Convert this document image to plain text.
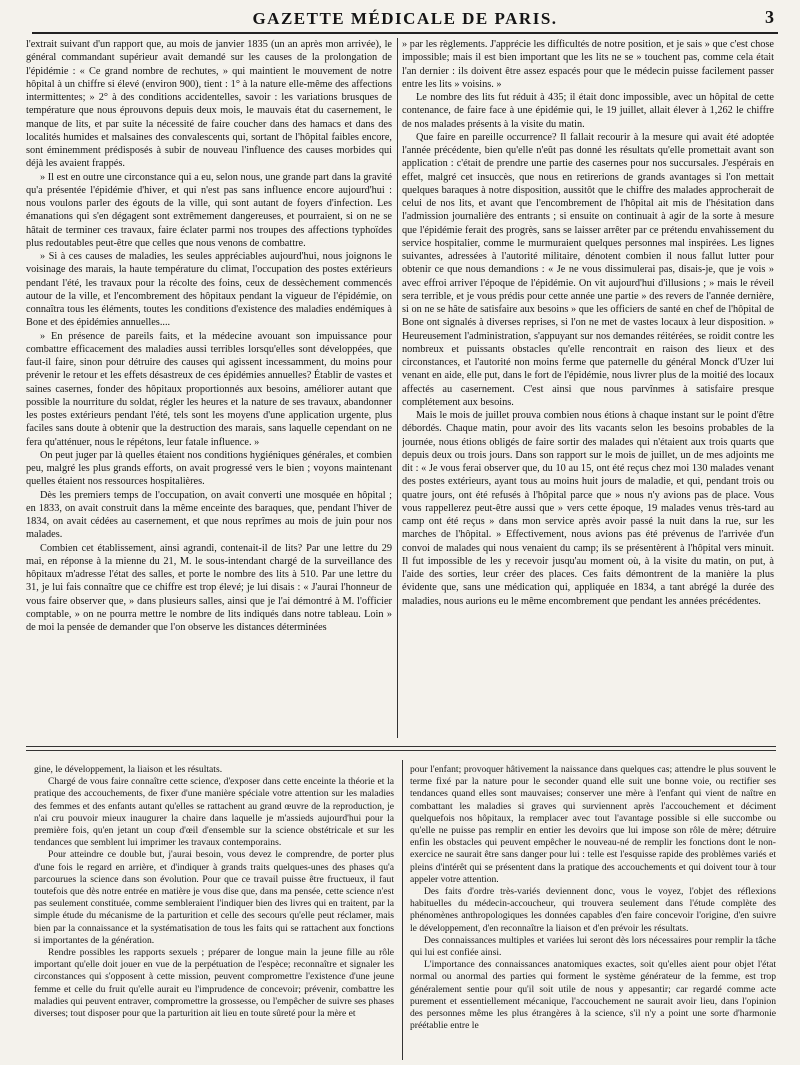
GAZETTE MÉDICALE DE PARIS.	3

l'extrait suivant d'un rapport que, au mois de janvier 1835 (un an après mon arrivée), le général commandant supérieur avait demandé sur les causes de la prolongation de l'épidémie : « Ce grand nombre de rechutes, » qui maintient le mouvement de notre hôpital à un chiffre si élevé (environ 900), tient : 1° à la nature elle-même des affections intermittentes; » 2° à des conditions accidentelles, savoir : les variations brusques de température que nous éprouvons depuis deux mois, le mauvais état du casernement, le manque de lits, et par suite la nécessité de faire coucher dans des hamacs et dans des localités humides et malsaines des convalescents qui, sortant de l'hôpital faibles encore, sont éminemment prédisposés à subir de nouveau l'influence des causes morbides qui déjà les avaient frappés.

» Il est en outre une circonstance qui a eu, selon nous, une grande part dans la gravité qu'a présentée l'épidémie d'hiver, et qui n'est pas sans influence encore aujourd'hui : nous voulons parler des égouts de la ville, qui sont autant de foyers d'infection. Les émanations qui s'en dégagent sont extrêmement dangereuses, et pourraient, si on ne se hâtait de terminer ces travaux, faire éclater parmi nos troupes des affections typhoïdes plus redoutables peut-être que celles que nous venons de combattre.

» Si à ces causes de maladies, les seules appréciables aujourd'hui, nous joignons le voisinage des marais, la haute température du climat, l'occupation des postes extérieurs pendant l'été, les travaux pour la récolte des foins, ceux de dessèchement commencés autour de la ville, et l'encombrement des hôpitaux pendant la vigueur de l'épidémie, on connaîtra tous les éléments, toutes les conditions d'existence des maladies endémiques à Bone et des épidémies annuelles....

» En présence de pareils faits, et la médecine avouant son impuissance pour combattre efficacement des maladies aussi terribles lorsqu'elles sont développées, que faut-il faire, sinon pour détruire des causes qui agissent incessamment, du moins pour prévenir le retour et les effets désastreux de ces épidémies annuelles? Établir de vastes et saines casernes, fonder des hôpitaux proportionnés aux besoins, améliorer autant que possible la nourriture du soldat, régler les heures et la nature de ses travaux, abandonner les postes extérieurs pendant l'été, tels sont les moyens d'une application urgente, plus faciles sans doute à obtenir que la destruction des marais, sans laquelle cependant on ne fera qu'atténuer, nous le répétons, leur fatale influence. »

On peut juger par là quelles étaient nos conditions hygiéniques générales, et combien peu, malgré les plus grands efforts, on avait progressé vers le bien ; voyons maintenant quelles étaient nos ressources hospitalières.

Dès les premiers temps de l'occupation, on avait converti une mosquée en hôpital ; en 1833, on avait construit dans la même enceinte des baraques, que, pendant l'hiver de 1834, on avait cédées au casernement, et que nous reprîmes au mois de juin pour nos malades.

Combien cet établissement, ainsi agrandi, contenait-il de lits? Par une lettre du 29 mai, en réponse à la mienne du 21, M. le sous-intendant chargé de la surveillance des hôpitaux m'adresse l'état des salles, et porte le nombre des lits à 510. Par une lettre du 31, je lui fais connaître que ce chiffre est trop élevé; je lui disais : « J'aurai l'honneur de vous faire observer que, » dans plusieurs salles, ainsi que je l'ai démontré à M. l'officier comptable, » on ne pourra mettre le nombre de lits indiqués dans notre tableau. Loin » de moi la pensée de demander que l'on observe les distances déterminées

» par les règlements. J'apprécie les difficultés de notre position, et je sais » que c'est chose impossible; mais il est bien important que les lits ne se » touchent pas, comme cela était l'an dernier : ils doivent être assez espacés pour que le médecin puisse facilement passer entre les lits » voisins. »

Le nombre des lits fut réduit à 435; il était donc impossible, avec un hôpital de cette contenance, de faire face à une épidémie qui, le 19 juillet, allait élever à 1,262 le chiffre de nos malades présents à la visite du matin.

Que faire en pareille occurrence? Il fallait recourir à la mesure qui avait été adoptée l'année précédente, bien qu'elle n'eût pas donné les résultats qu'elle promettait avant son application : c'était de prendre une partie des casernes pour nos succursales. J'espérais en effet, malgré cet insuccès, que nous en retirerions de grands avantages si l'on mettait quelques baraques à notre disposition, aussitôt que le chiffre des malades approcherait de celui de nos lits, et avant que l'encombrement de l'hôpital ait mis de l'hésitation dans l'admission journalière des entrants ; si ensuite on continuait à agir de la sorte à mesure que l'épidémie ferait des progrès, sans se laisser arrêter par ce prétendu envahissement du service hospitalier, comme le murmuraient quelques personnes mal inspirées. Les lignes suivantes, adressées à l'autorité militaire, dénotent combien il nous fallut lutter pour obtenir ce que nous demandions : « Je ne vous dissimulerai pas, disais-je, que je vois » avec effroi arriver l'époque de l'épidémie. On vit aujourd'hui d'illusions ; » mais le réveil sera terrible, et je vous prédis pour cette année une partie » des revers de l'année dernière, si on ne se hâte de satisfaire aux besoins » que les officiers de santé en chef de l'hôpital de Bone ont signalés à diverses reprises, si l'on ne met de vastes locaux à leur disposition. » Heureusement l'administration, s'appuyant sur nos demandes réitérées, se roidit contre les nombreux et puissants obstacles qu'elle rencontrait en raison des lieux et des circonstances, et l'autorité non moins ferme que paternelle du général Monck d'Uzer lui venant en aide, elle put, dans le fort de l'épidémie, nous livrer plus de la moitié des locaux affectés au casernement. C'est ainsi que nous parvînmes à satisfaire presque complétement aux besoins.

Mais le mois de juillet prouva combien nous étions à chaque instant sur le point d'être débordés. Chaque matin, pour avoir des lits vacants selon les besoins probables de la journée, nous étions obligés de faire sortir des malades qui n'étaient aux trois quarts que depuis deux ou trois jours. Dans son rapport sur le mois de juillet, un de mes adjoints me dit : « Je vous ferai observer que, du 10 au 15, ont été reçus chez moi 130 malades venant des postes extérieurs, ayant tous au moins huit jours de maladie, et qui, pendant trois ou quatre jours, ont été refusés à l'hôpital parce que » nous n'y avions pas de place. Vous vous rappellerez peut-être aussi que » vers cette époque, 19 malades venus très-tard au camp ont été reçus » dans mon service après avoir passé la nuit dans la rue, sur les marches de l'hôpital. » Effectivement, nous avions pas été prévenus de l'arrivée d'un convoi de malades qui nous venaient du camp; ils se présentèrent à l'hôpital vers minuit. Il fut impossible de les y recevoir jusqu'au moment où, à la visite du matin, on put, à l'aide des sorties, leur créer des places. Ces faits démontrent de la manière la plus évidente que, sans une médication qui, appliquée en 1834, a tant abrégé la durée des maladies, nous aurions eu le même encombrement que pendant les années précédentes.

gine, le développement, la liaison et les résultats.

Chargé de vous faire connaître cette science, d'exposer dans cette enceinte la théorie et la pratique des accouchements, de fixer d'une manière spéciale votre attention sur les maladies des femmes et des enfants autant qu'elles se rattachent au grand œuvre de la reproduction, je n'ai cru pouvoir mieux inaugurer la chaire dans laquelle je m'assieds aujourd'hui pour la première fois, qu'en jetant un coup d'œil d'ensemble sur la science obstétricale et sur les tendances que semblent lui imprimer les travaux contemporains.

Pour atteindre ce double but, j'aurai besoin, vous devez le comprendre, de porter plus d'une fois le regard en arrière, et d'indiquer à grands traits quelques-unes des phases qu'a parcourues la science dans son évolution. Pour que ce travail puisse être fructueux, il faut toutefois que dès notre entrée en matière je vous dise que, dans ma pensée, cette science n'est pas seulement constituée, comme sembleraient l'indiquer bien des livres qui en traitent, par la simple étude du mécanisme de la parturition et celle des secours qu'elle peut réclamer, mais bien par la connaissance et la systématisation de tous les faits qui se rattachent aux fonctions si importantes de la génération.

Rendre possibles les rapports sexuels ; préparer de longue main la jeune fille au rôle important qu'elle doit jouer en vue de la perpétuation de l'espèce; reconnaître et signaler les circonstances qui s'opposent à cette mission, peuvent compromettre l'existence d'une jeune femme et celle du fruit qu'elle aurait eu l'imprudence de concevoir; prévenir, combattre les maladies qui peuvent entraver, compromettre la grossesse, ou l'empêcher de suivre ses phases diverses; tout disposer pour que la parturition ait lieu en toute sûreté pour la mère et

pour l'enfant; provoquer hâtivement la naissance dans quelques cas; attendre le plus souvent le terme fixé par la nature pour le seconder quand elle suit une bonne voie, ou rectifier ses tendances quand elles sont mauvaises; conserver une mère à l'enfant qui vient de naître en combattant les maladies si graves qui surviennent après l'accouchement et déciment quelquefois nos hôpitaux, la remplacer avec tout l'avantage possible si elle succombe ou qu'elle ne puisse pas remplir en entier les devoirs que lui impose son rôle de mère; détruire enfin les obstacles qui peuvent empêcher le nouveau-né de remplir les fonctions dont le non-exercice ne saurait être sans danger pour lui : telle est l'esquisse rapide des problèmes variés et pleins d'intérêt qui se présentent dans la pratique des accouchements et qui doivent tour à tour appeler votre attention.

Des faits d'ordre très-variés deviennent donc, vous le voyez, l'objet des réflexions habituelles du médecin-accoucheur, qui trouvera seulement dans l'étude complète des phénomènes anthropologiques les données capables d'en faire concevoir l'origine, d'en suivre le développement, d'en reconnaître la liaison et d'en prévoir les résultats.

Des connaissances multiples et variées lui seront dès lors nécessaires pour remplir la tâche qui lui est confiée ainsi.

L'importance des connaissances anatomiques exactes, soit qu'elles aient pour objet l'état normal ou anormal des parties qui forment le système générateur de la femme, est trop généralement sentie pour qu'il soit utile de nous y appesantir; car regardé comme acte purement et essentiellement mécanique, l'accouchement ne saurait avoir lieu, dans l'opinion des personnes même les plus étrangères à la science, s'il n'y a point une sorte d'harmonie préétablie entre le
